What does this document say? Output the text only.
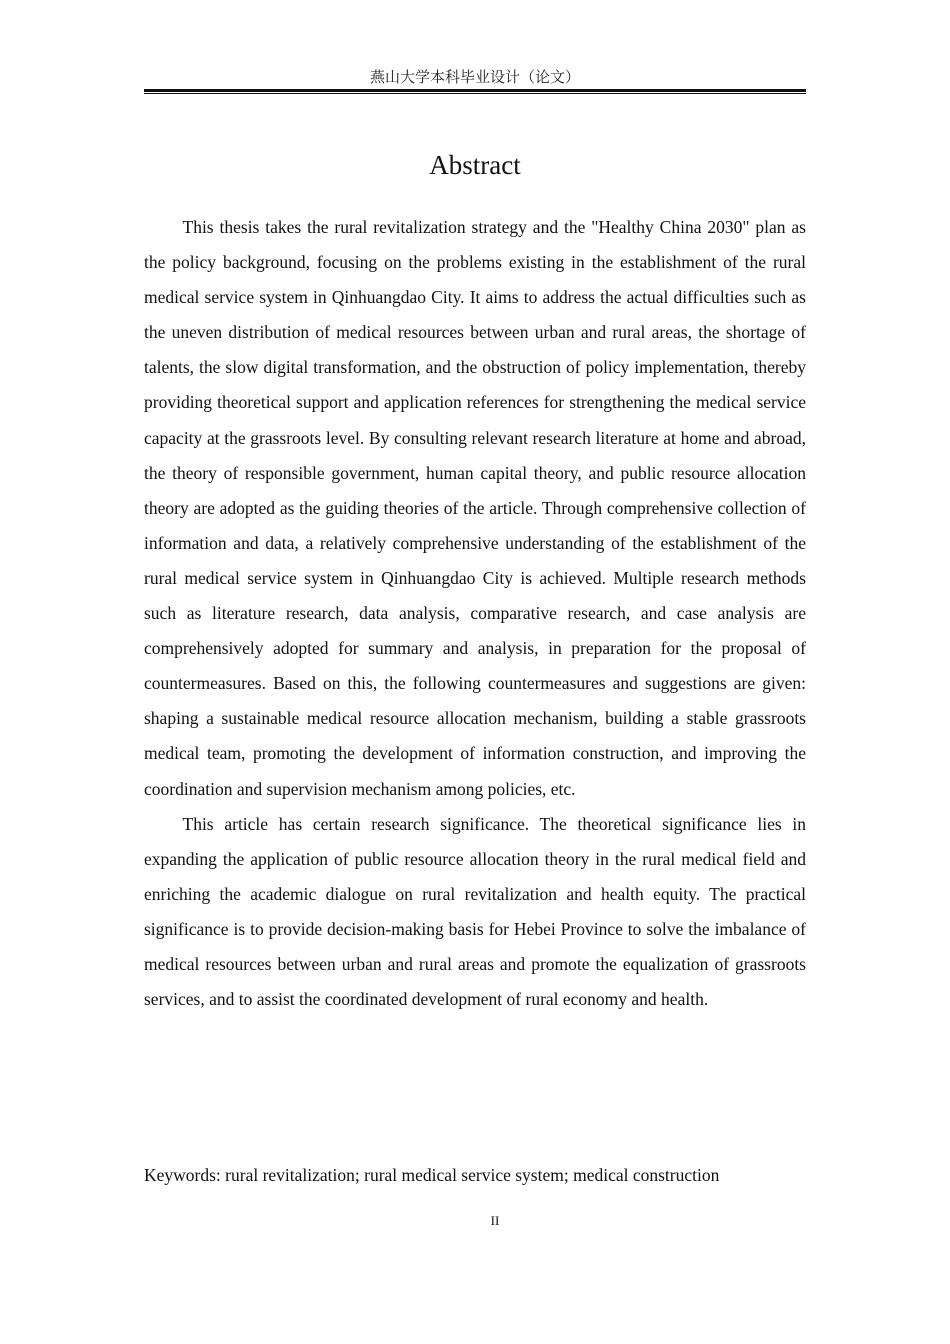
燕山大学本科毕业设计（论文）
Abstract

This thesis takes the rural revitalization strategy and the "Healthy China 2030" plan as the policy background, focusing on the problems existing in the establishment of the rural medical service system in Qinhuangdao City. It aims to address the actual difficulties such as the uneven distribution of medical resources between urban and rural areas, the shortage of talents, the slow digital transformation, and the obstruction of policy implementation, thereby providing theoretical support and application references for strengthening the medical service capacity at the grassroots level. By consulting relevant research literature at home and abroad, the theory of responsible government, human capital theory, and public resource allocation theory are adopted as the guiding theories of the article. Through comprehensive collection of information and data, a relatively comprehensive understanding of the establishment of the rural medical service system in Qinhuangdao City is achieved. Multiple research methods such as literature research, data analysis, comparative research, and case analysis are comprehensively adopted for summary and analysis, in preparation for the proposal of countermeasures. Based on this, the following countermeasures and suggestions are given: shaping a sustainable medical resource allocation mechanism, building a stable grassroots medical team, promoting the development of information construction, and improving the coordination and supervision mechanism among policies, etc.

This article has certain research significance. The theoretical significance lies in expanding the application of public resource allocation theory in the rural medical field and enriching the academic dialogue on rural revitalization and health equity. The practical significance is to provide decision-making basis for Hebei Province to solve the imbalance of medical resources between urban and rural areas and promote the equalization of grassroots services, and to assist the coordinated development of rural economy and health.

Keywords: rural revitalization; rural medical service system; medical construction
II
